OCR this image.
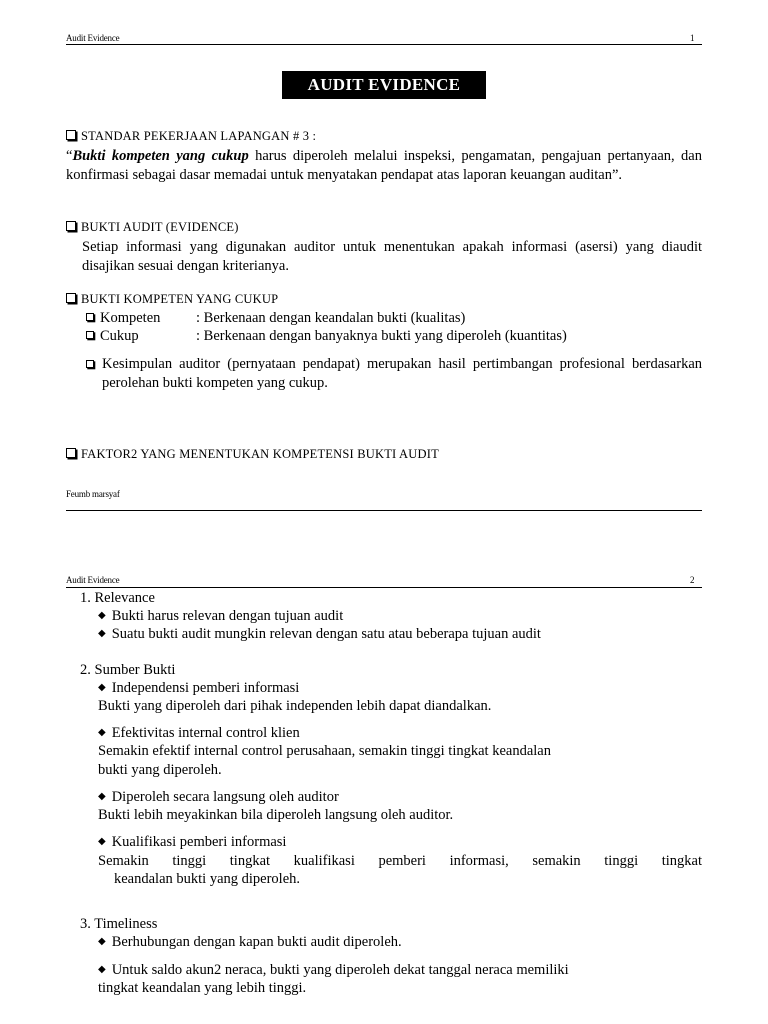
Audit Evidence	1
AUDIT EVIDENCE
STANDAR PEKERJAAN LAPANGAN # 3 :
“Bukti kompeten yang cukup harus diperoleh melalui inspeksi, pengamatan, pengajuan pertanyaan, dan konfirmasi sebagai dasar memadai untuk menyatakan pendapat atas laporan keuangan auditan”.
BUKTI AUDIT (EVIDENCE)
Setiap informasi yang digunakan auditor untuk menentukan apakah informasi (asersi) yang diaudit disajikan sesuai dengan kriterianya.
BUKTI KOMPETEN YANG CUKUP
Kompeten : Berkenaan dengan keandalan bukti (kualitas)
Cukup	: Berkenaan dengan banyaknya bukti yang diperoleh (kuantitas)
Kesimpulan auditor (pernyataan pendapat) merupakan hasil pertimbangan profesional berdasarkan perolehan bukti kompeten yang cukup.
FAKTOR2 YANG MENENTUKAN KOMPETENSI BUKTI AUDIT
Feumb marsyaf
Audit Evidence	2
1. Relevance
◆ Bukti harus relevan dengan tujuan audit
◆ Suatu bukti audit mungkin relevan dengan satu atau beberapa tujuan audit
2. Sumber Bukti
◆ Independensi pemberi informasi
Bukti yang diperoleh dari pihak independen lebih dapat diandalkan.
◆ Efektivitas internal control klien
Semakin efektif internal control perusahaan, semakin tinggi tingkat keandalan
bukti yang diperoleh.
◆ Diperoleh secara langsung oleh auditor
Bukti lebih meyakinkan bila diperoleh langsung oleh auditor.
◆ Kualifikasi pemberi informasi
Semakin tinggi tingkat kualifikasi pemberi informasi, semakin tinggi tingkat
keandalan bukti yang diperoleh.
3. Timeliness
◆ Berhubungan dengan kapan bukti audit diperoleh.
◆ Untuk saldo akun2 neraca, bukti yang diperoleh dekat tanggal neraca memiliki
tingkat keandalan yang lebih tinggi.
